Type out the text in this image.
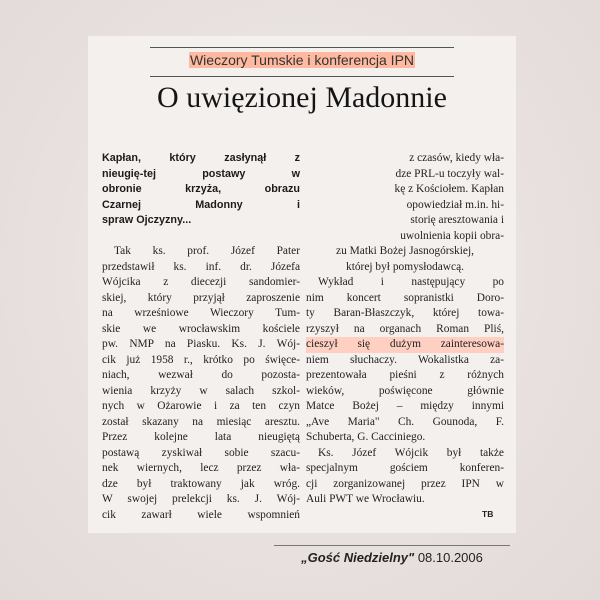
Wieczory Tumskie i konferencja IPN
O uwięzionej Madonnie
Kapłan, który zasłynął z
nieugię-tej postawy w
obronie krzyża, obrazu
Czarnej Madonny i
spraw Ojczyzny...
Tak ks. prof. Józef Pater
przedstawił ks. inf. dr. Józefa
Wójcika z diecezji sandomier-
skiej, który przyjął zaproszenie
na wrześniowe Wieczory Tum-
skie we wrocławskim kościele
pw. NMP na Piasku. Ks. J. Wój-
cik już 1958 r., krótko po święce-
niach, wezwał do pozosta-
wienia krzyży w salach szkol-
nych w Ożarowie i za ten czyn
został skazany na miesiąc aresztu.
Przez kolejne lata nieugiętą
postawą zyskiwał sobie szacu-
nek wiernych, lecz przez wła-
dze był traktowany jak wróg.
W swojej prelekcji ks. J. Wój-
cik zawarł wiele wspomnień
z czasów, kiedy wła-
dze PRL-u toczyły wal-
kę z Kościołem. Kapłan
opowiedział m.in. hi-
storię aresztowania i
uwolnienia kopii obra-
zu Matki Bożej Jasnogórskiej,
której był pomysłodawcą.
Wykład i następujący po
nim koncert sopranistki Doro-
ty Baran-Błaszczyk, której towa-
rzyszył na organach Roman Pliś,
cieszył się dużym zainteresowa-
niem słuchaczy. Wokalistka za-
prezentowała pieśni z różnych
wieków, poświęcone głównie
Matce Bożej – między innymi
„Ave Maria" Ch. Gounoda, F.
Schuberta, G. Cacciniego.
Ks. Józef Wójcik był także
specjalnym gościem konferen-
cji zorganizowanej przez IPN w
Auli PWT we Wrocławiu.
TB
„Gość Niedzielny" 08.10.2006
